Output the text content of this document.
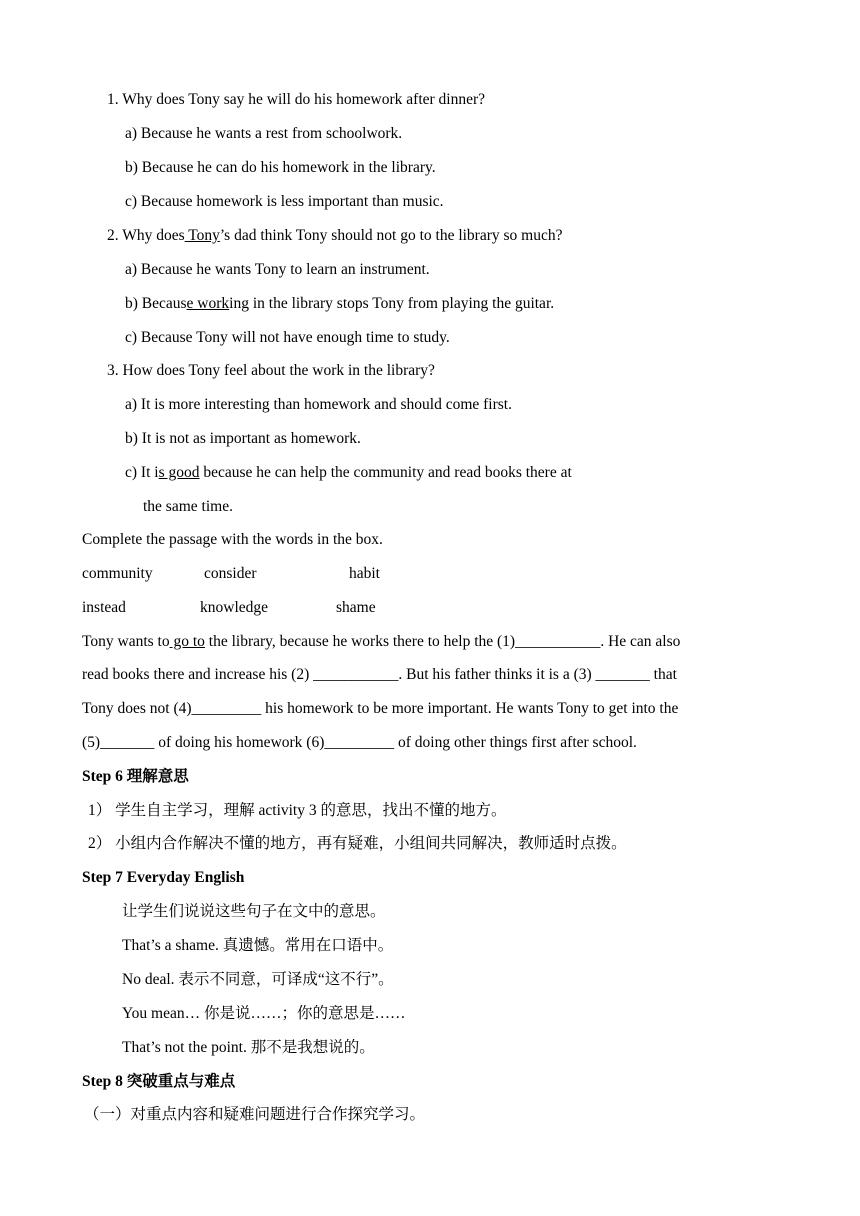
1. Why does Tony say he will do his homework after dinner?
a) Because he wants a rest from schoolwork.
b) Because he can do his homework in the library.
c) Because homework is less important than music.
2. Why does Tony’s dad think Tony should not go to the library so much?
a) Because he wants Tony to learn an instrument.
b) Because working in the library stops Tony from playing the guitar.
c) Because Tony will not have enough time to study.
3. How does Tony feel about the work in the library?
a) It is more interesting than homework and should come first.
b) It is not as important as homework.
c) It is good because he can help the community and read books there at
the same time.
Complete the passage with the words in the box.
community	consider	habit
instead	knowledge	shame
Tony wants to go to the library, because he works there to help the (1)___________. He can also
read books there and increase his (2) ___________. But his father thinks it is a (3) _______ that
Tony does not (4)_________ his homework to be more important. He wants Tony to get into the
(5)_______ of doing his homework (6)_________ of doing other things first after school.
Step 6 理解意思
1） 学生自主学习，理解 activity 3 的意思，找出不懂的地方。
2） 小组内合作解决不懂的地方，再有疑难，小组间共同解决，教师适时点拨。
Step 7 Everyday English
让学生们说说这些句子在文中的意思。
That’s a shame. 真遗憾。常用在口语中。
No deal. 表示不同意，可译成“这不行”。
You mean… 你是说……；你的意思是……
That’s not the point. 那不是我想说的。
Step 8 突破重点与难点
（一）对重点内容和疑难问题进行合作探究学习。
